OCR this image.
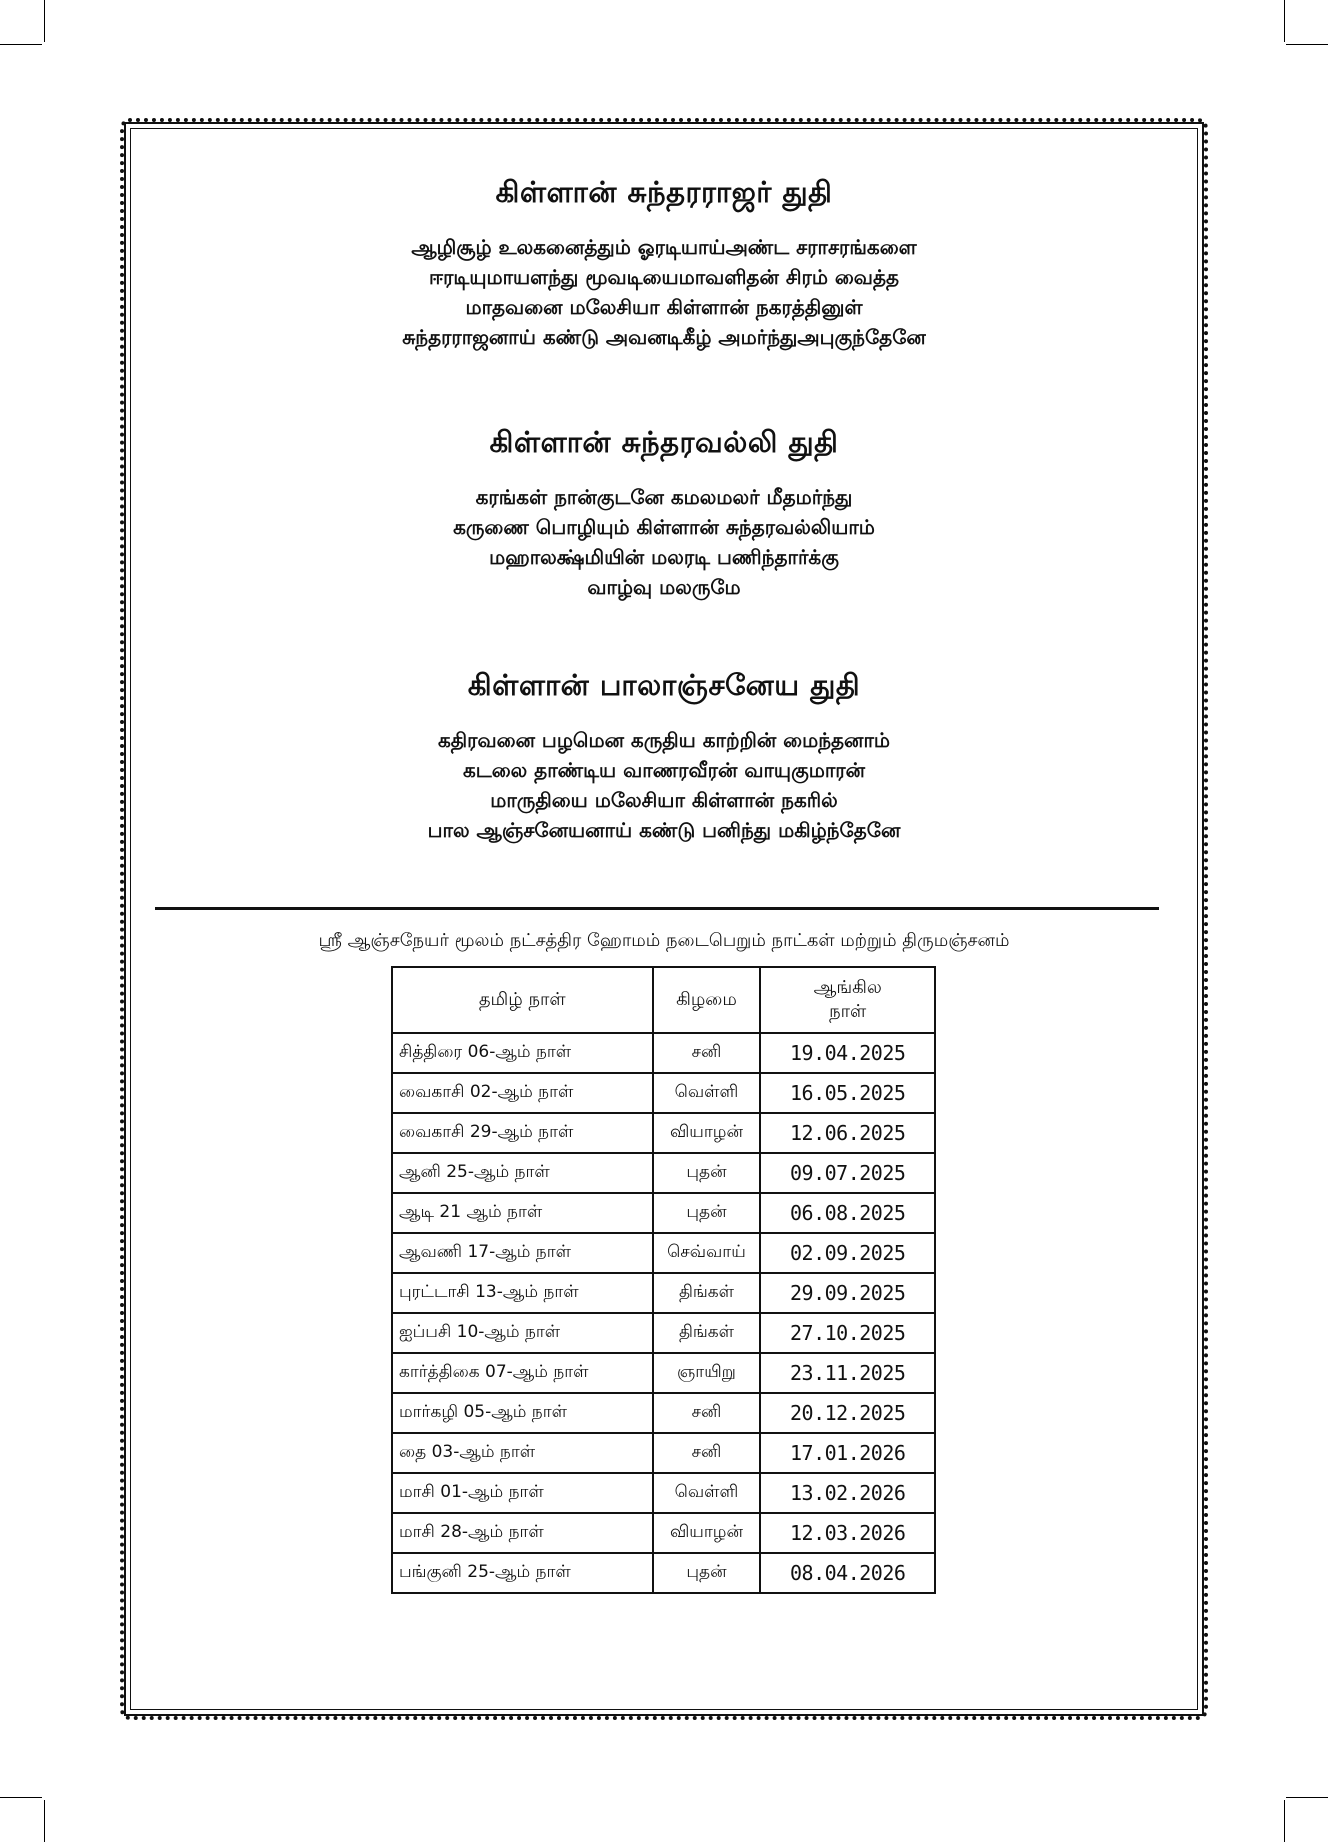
கிள்ளான் சுந்தரராஜர் துதி

ஆழிசூழ் உலகனைத்தும் ஓரடியாய்அண்ட சராசரங்களை
ஈரடியுமாயளந்து மூவடியைமாவளிதன் சிரம் வைத்த
மாதவனை மலேசியா கிள்ளான் நகரத்தினுள்
சுந்தரராஜனாய் கண்டு அவனடிகீழ் அமர்ந்துஅபுகுந்தேனே

கிள்ளான் சுந்தரவல்லி துதி

கரங்கள் நான்குடனே கமலமலர் மீதமர்ந்து
கருணை பொழியும் கிள்ளான் சுந்தரவல்லியாம்
மஹாலக்ஷ்மியின் மலரடி பணிந்தார்க்கு
வாழ்வு மலருமே

கிள்ளான் பாலாஞ்சனேய துதி

கதிரவனை பழமென கருதிய காற்றின் மைந்தனாம்
கடலை தாண்டிய வாணரவீரன் வாயுகுமாரன்
மாருதியை மலேசியா கிள்ளான் நகரில்
பால ஆஞ்சனேயனாய் கண்டு பனிந்து மகிழ்ந்தேனே

ஸ்ரீ ஆஞ்சநேயர் மூலம் நட்சத்திர ஹோமம் நடைபெறும் நாட்கள் மற்றும் திருமஞ்சனம்
தமிழ் நாள்	கிழமை	ஆங்கில
நாள்

சித்திரை 06-ஆம் நாள்	சனி	19.04.2025
வைகாசி 02-ஆம் நாள்	வெள்ளி	16.05.2025
வைகாசி 29-ஆம் நாள்	வியாழன்	12.06.2025
ஆனி 25-ஆம் நாள்	புதன்	09.07.2025
ஆடி 21 ஆம் நாள்	புதன்	06.08.2025
ஆவணி 17-ஆம் நாள்	செவ்வாய்	02.09.2025
புரட்டாசி 13-ஆம் நாள்	திங்கள்	29.09.2025
ஐப்பசி 10-ஆம் நாள்	திங்கள்	27.10.2025
கார்த்திகை 07-ஆம் நாள்	ஞாயிறு	23.11.2025
மார்கழி 05-ஆம் நாள்	சனி	20.12.2025
தை 03-ஆம் நாள்	சனி	17.01.2026
மாசி 01-ஆம் நாள்	வெள்ளி	13.02.2026
மாசி 28-ஆம் நாள்	வியாழன்	12.03.2026
பங்குனி 25-ஆம் நாள்	புதன்	08.04.2026
